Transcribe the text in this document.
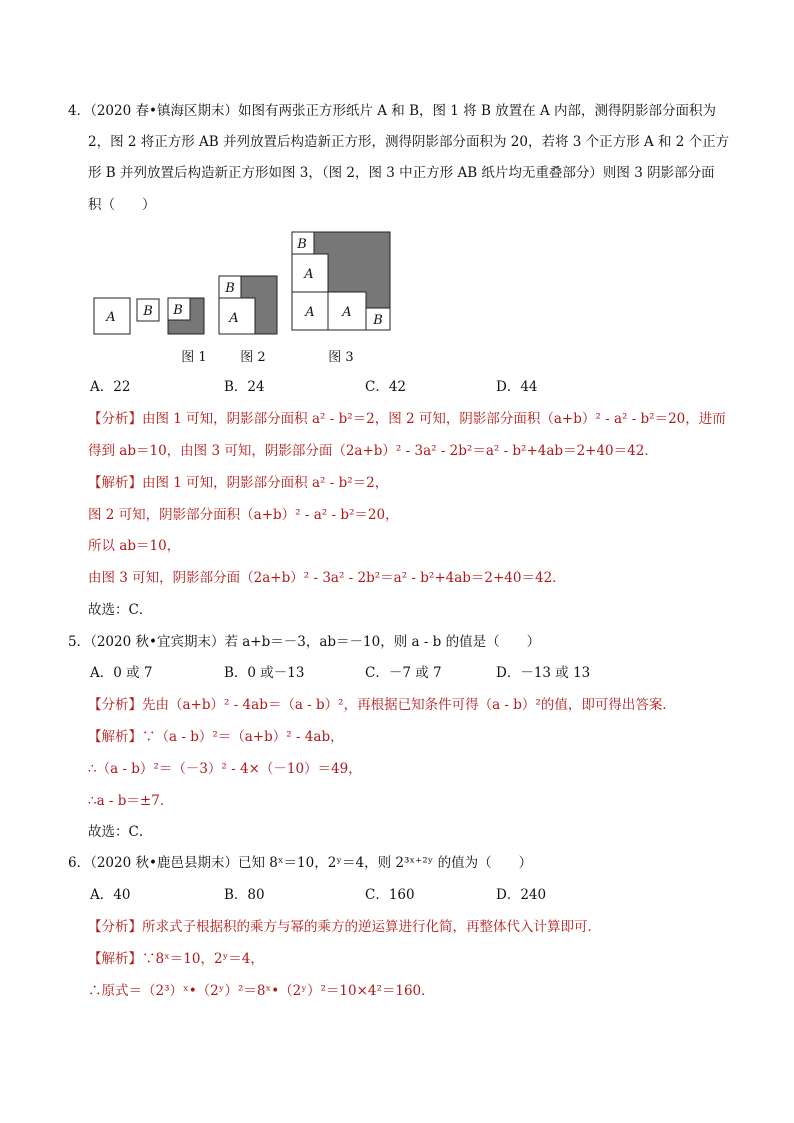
4．（2020 春•镇海区期末）如图有两张正方形纸片 A 和 B，图 1 将 B 放置在 A 内部，测得阴影部分面积为
2，图 2 将正方形 AB 并列放置后构造新正方形，测得阴影部分面积为 20，若将 3 个正方形 A 和 2 个正方
形 B 并列放置后构造新正方形如图 3，（图 2，图 3 中正方形 AB 纸片均无重叠部分）则图 3 阴影部分面
积（　　）
A B B
B
A
B
A
A A
B
图 1	图 2	图 3
A．22	B．24	C．42	D．44
【分析】由图 1 可知，阴影部分面积 a² - b²＝2，图 2 可知，阴影部分面积（a+b）² - a² - b²＝20，进而
得到 ab＝10，由图 3 可知，阴影部分面（2a+b）² - 3a² - 2b²＝a² - b²+4ab＝2+40＝42．
【解析】由图 1 可知，阴影部分面积 a² - b²＝2，
图 2 可知，阴影部分面积（a+b）² - a² - b²＝20，
所以 ab＝10，
由图 3 可知，阴影部分面（2a+b）² - 3a² - 2b²＝a² - b²+4ab＝2+40＝42．
故选：C．
5．（2020 秋•宜宾期末）若 a+b＝－3，ab＝－10，则 a - b 的值是（　　）
A．0 或 7	B．0 或－13	C．－7 或 7	D．－13 或 13
【分析】先由（a+b）² - 4ab＝（a - b）²，再根据已知条件可得（a - b）²的值，即可得出答案．
【解析】∵（a - b）²＝（a+b）² - 4ab，
∴（a - b）²＝（－3）² - 4×（－10）＝49，
∴a - b＝±7．
故选：C．
6．（2020 秋•鹿邑县期末）已知 8ˣ＝10，2ʸ＝4，则 2³ˣ⁺²ʸ 的值为（　　）
A．40	B．80	C．160	D．240
【分析】所求式子根据积的乘方与幂的乘方的逆运算进行化简，再整体代入计算即可．
【解析】∵8ˣ＝10，2ʸ＝4，
∴原式＝（2³）ˣ•（2ʸ）²＝8ˣ•（2ʸ）²＝10×4²＝160．
